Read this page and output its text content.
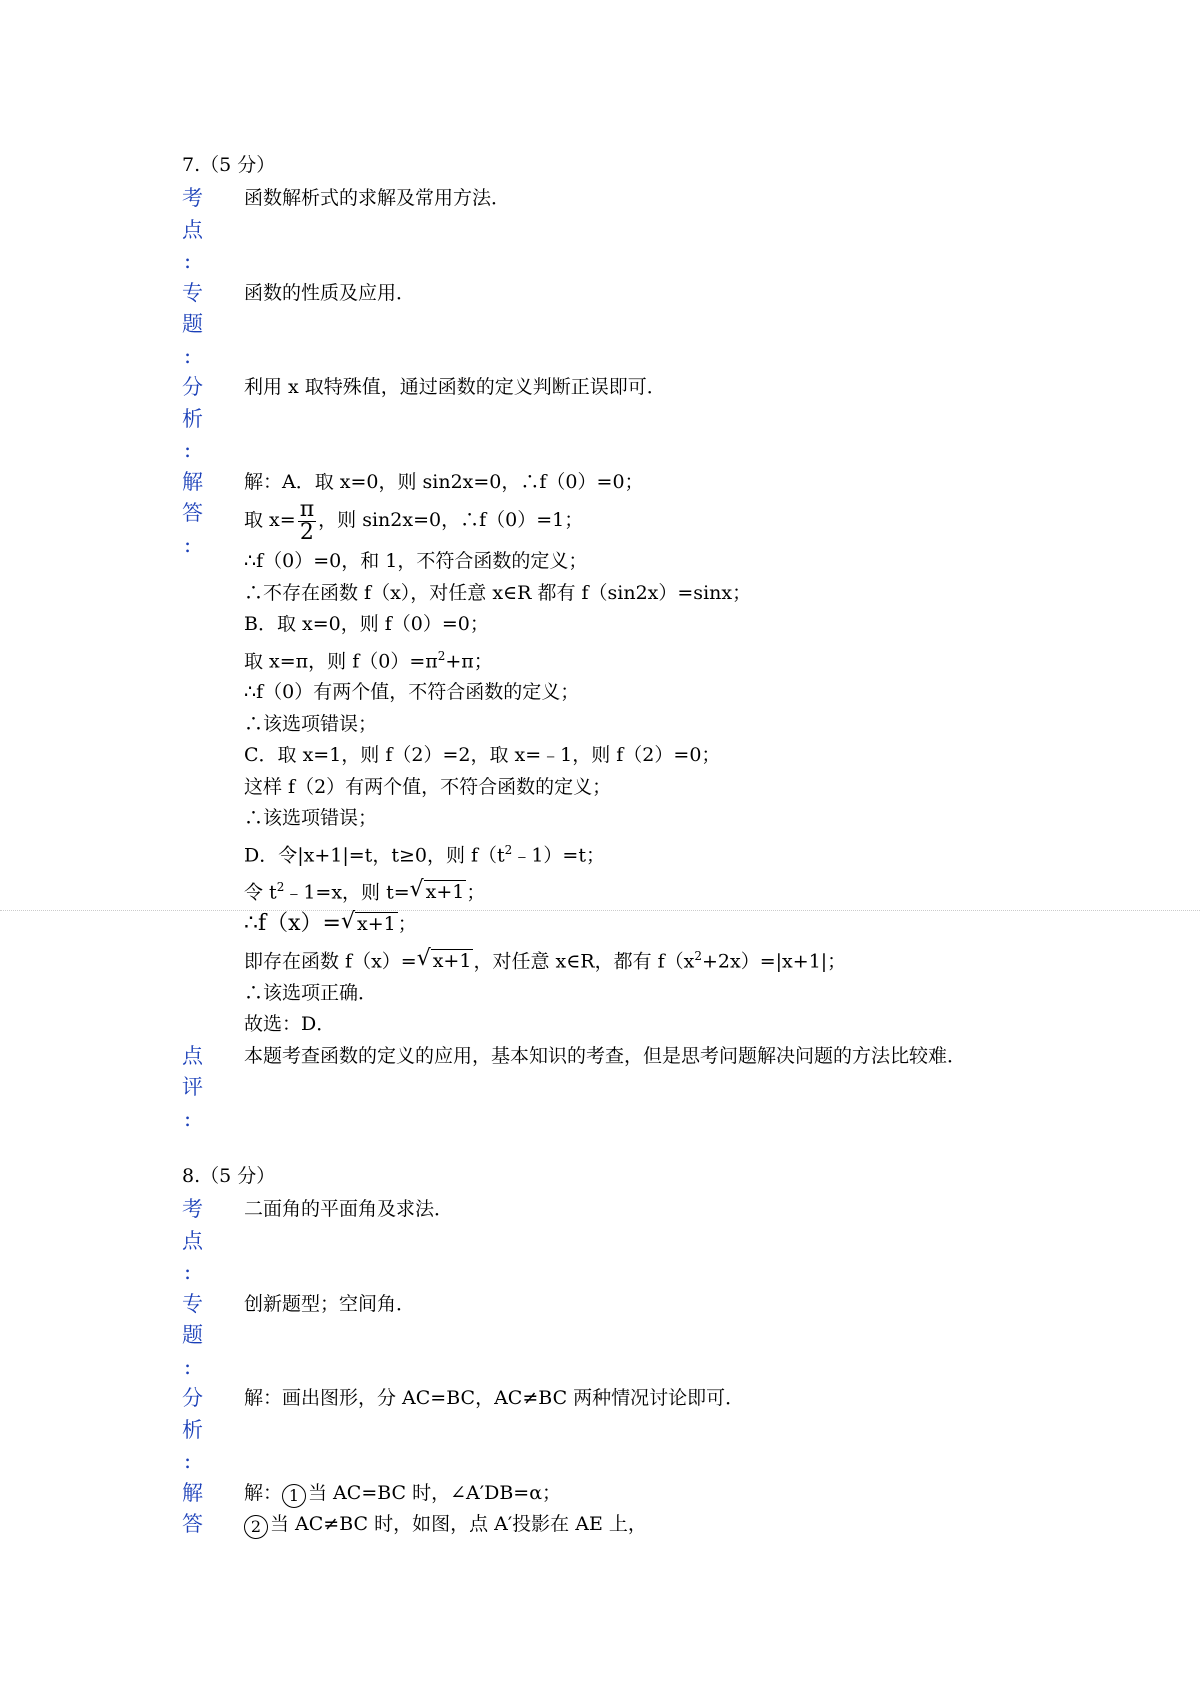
7.（5 分）
考
点
:
函数解析式的求解及常用方法．
专
题
:
函数的性质及应用．
分
析
:
利用 x 取特殊值，通过函数的定义判断正误即可．
解
答
:
解：A．取 x=0，则 sin2x=0，∴f（0）=0；
取 $x= \frac{\pi}{2}$ ，则 sin2x=0，∴f（0）=1；
∴f（0）=0，和 1，不符合函数的定义；
∴不存在函数 f（x），对任意 x∈R 都有 f（sin2x）=sinx；
B．取 x=0，则 f（0）=0；
取 x=π，则 $f(0)=\pi^2+\pi$；
∴f（0）有两个值，不符合函数的定义；
∴该选项错误；
C．取 x=1，则 f（2）=2，取 x=﹣1，则 f（2）=0；
这样 f（2）有两个值，不符合函数的定义；
∴该选项错误；
D．令|x+1|=t，t≥0，则 $f(t^2﹣1)=t$；
令 $t^2﹣1=x$，则 t= √ x+1 ；
∴f（x）= √ x+1 ；
即存在函数 f（x）= √ x+1 ，对任意 x∈R，都有 $f(x^2+2x)=|x+1|$；
∴该选项正确．
故选：D．
点
评
:
本题考查函数的定义的应用，基本知识的考查，但是思考问题解决问题的方法比较难．
8.（5 分）
考
点
:
二面角的平面角及求法．
专
题
:
创新题型；空间角．
分
析
:
解：画出图形，分 AC=BC，AC≠BC 两种情况讨论即可．
解
答
解： 1 当 AC=BC 时，∠A′DB=α；
2 当 AC≠BC 时，如图，点 A′投影在 AE 上，
